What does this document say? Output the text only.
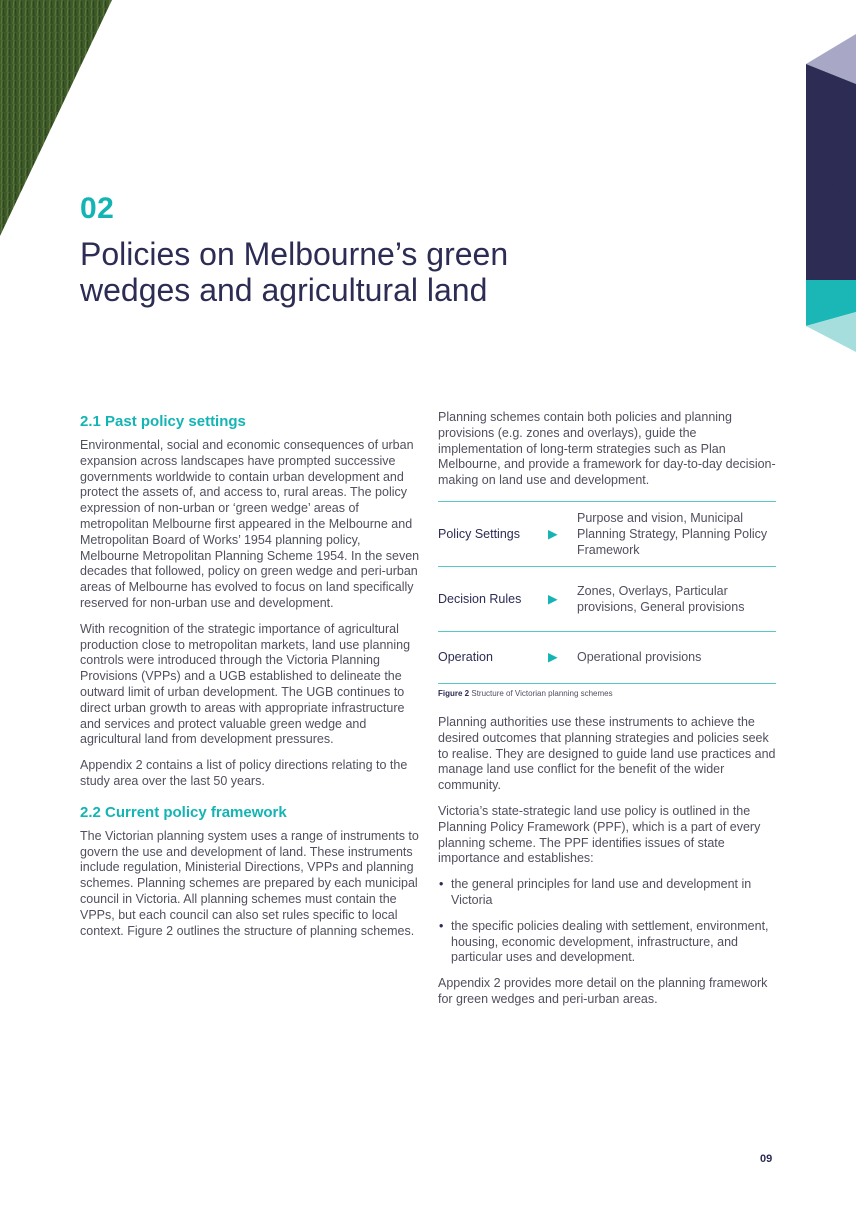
Policies on Melbourne's green wedges and agricultural land
02
Policies on Melbourne’s green wedges and agricultural land
2.1 Past policy settings

Environmental, social and economic consequences of urban expansion across landscapes have prompted successive governments worldwide to contain urban development and protect the assets of, and access to, rural areas. The policy expression of non-urban or ‘green wedge’ areas of metropolitan Melbourne first appeared in the Melbourne and Metropolitan Board of Works’ 1954 planning policy, Melbourne Metropolitan Planning Scheme 1954. In the seven decades that followed, policy on green wedge and peri-urban areas of Melbourne has evolved to focus on land specifically reserved for non-urban use and development.

With recognition of the strategic importance of agricultural production close to metropolitan markets, land use planning controls were introduced through the Victoria Planning Provisions (VPPs) and a UGB established to delineate the outward limit of urban development. The UGB continues to direct urban growth to areas with appropriate infrastructure and services and protect valuable green wedge and agricultural land from development pressures.

Appendix 2 contains a list of policy directions relating to the study area over the last 50 years.

2.2 Current policy framework

The Victorian planning system uses a range of instruments to govern the use and development of land. These instruments include regulation, Ministerial Directions, VPPs and planning schemes. Planning schemes are prepared by each municipal council in Victoria. All planning schemes must contain the VPPs, but each council can also set rules specific to local context. Figure 2 outlines the structure of planning schemes.

Planning schemes contain both policies and planning provisions (e.g. zones and overlays), guide the implementation of long-term strategies such as Plan Melbourne, and provide a framework for day-to-day decision-making on land use and development.

Policy Settings	▶	Purpose and vision, Municipal Planning Strategy, Planning Policy Framework
Decision Rules	▶	Zones, Overlays, Particular provisions, General provisions
Operation	▶	Operational provisions
Figure 2 Structure of Victorian planning schemes

Planning authorities use these instruments to achieve the desired outcomes that planning strategies and policies seek to realise. They are designed to guide land use practices and manage land use conflict for the benefit of the wider community.

Victoria’s state-strategic land use policy is outlined in the Planning Policy Framework (PPF), which is a part of every planning scheme. The PPF identifies issues of state importance and establishes:

• the general principles for land use and development in Victoria
• the specific policies dealing with settlement, environment, housing, economic development, infrastructure, and particular uses and development.

Appendix 2 provides more detail on the planning framework for green wedges and peri-urban areas.

09
